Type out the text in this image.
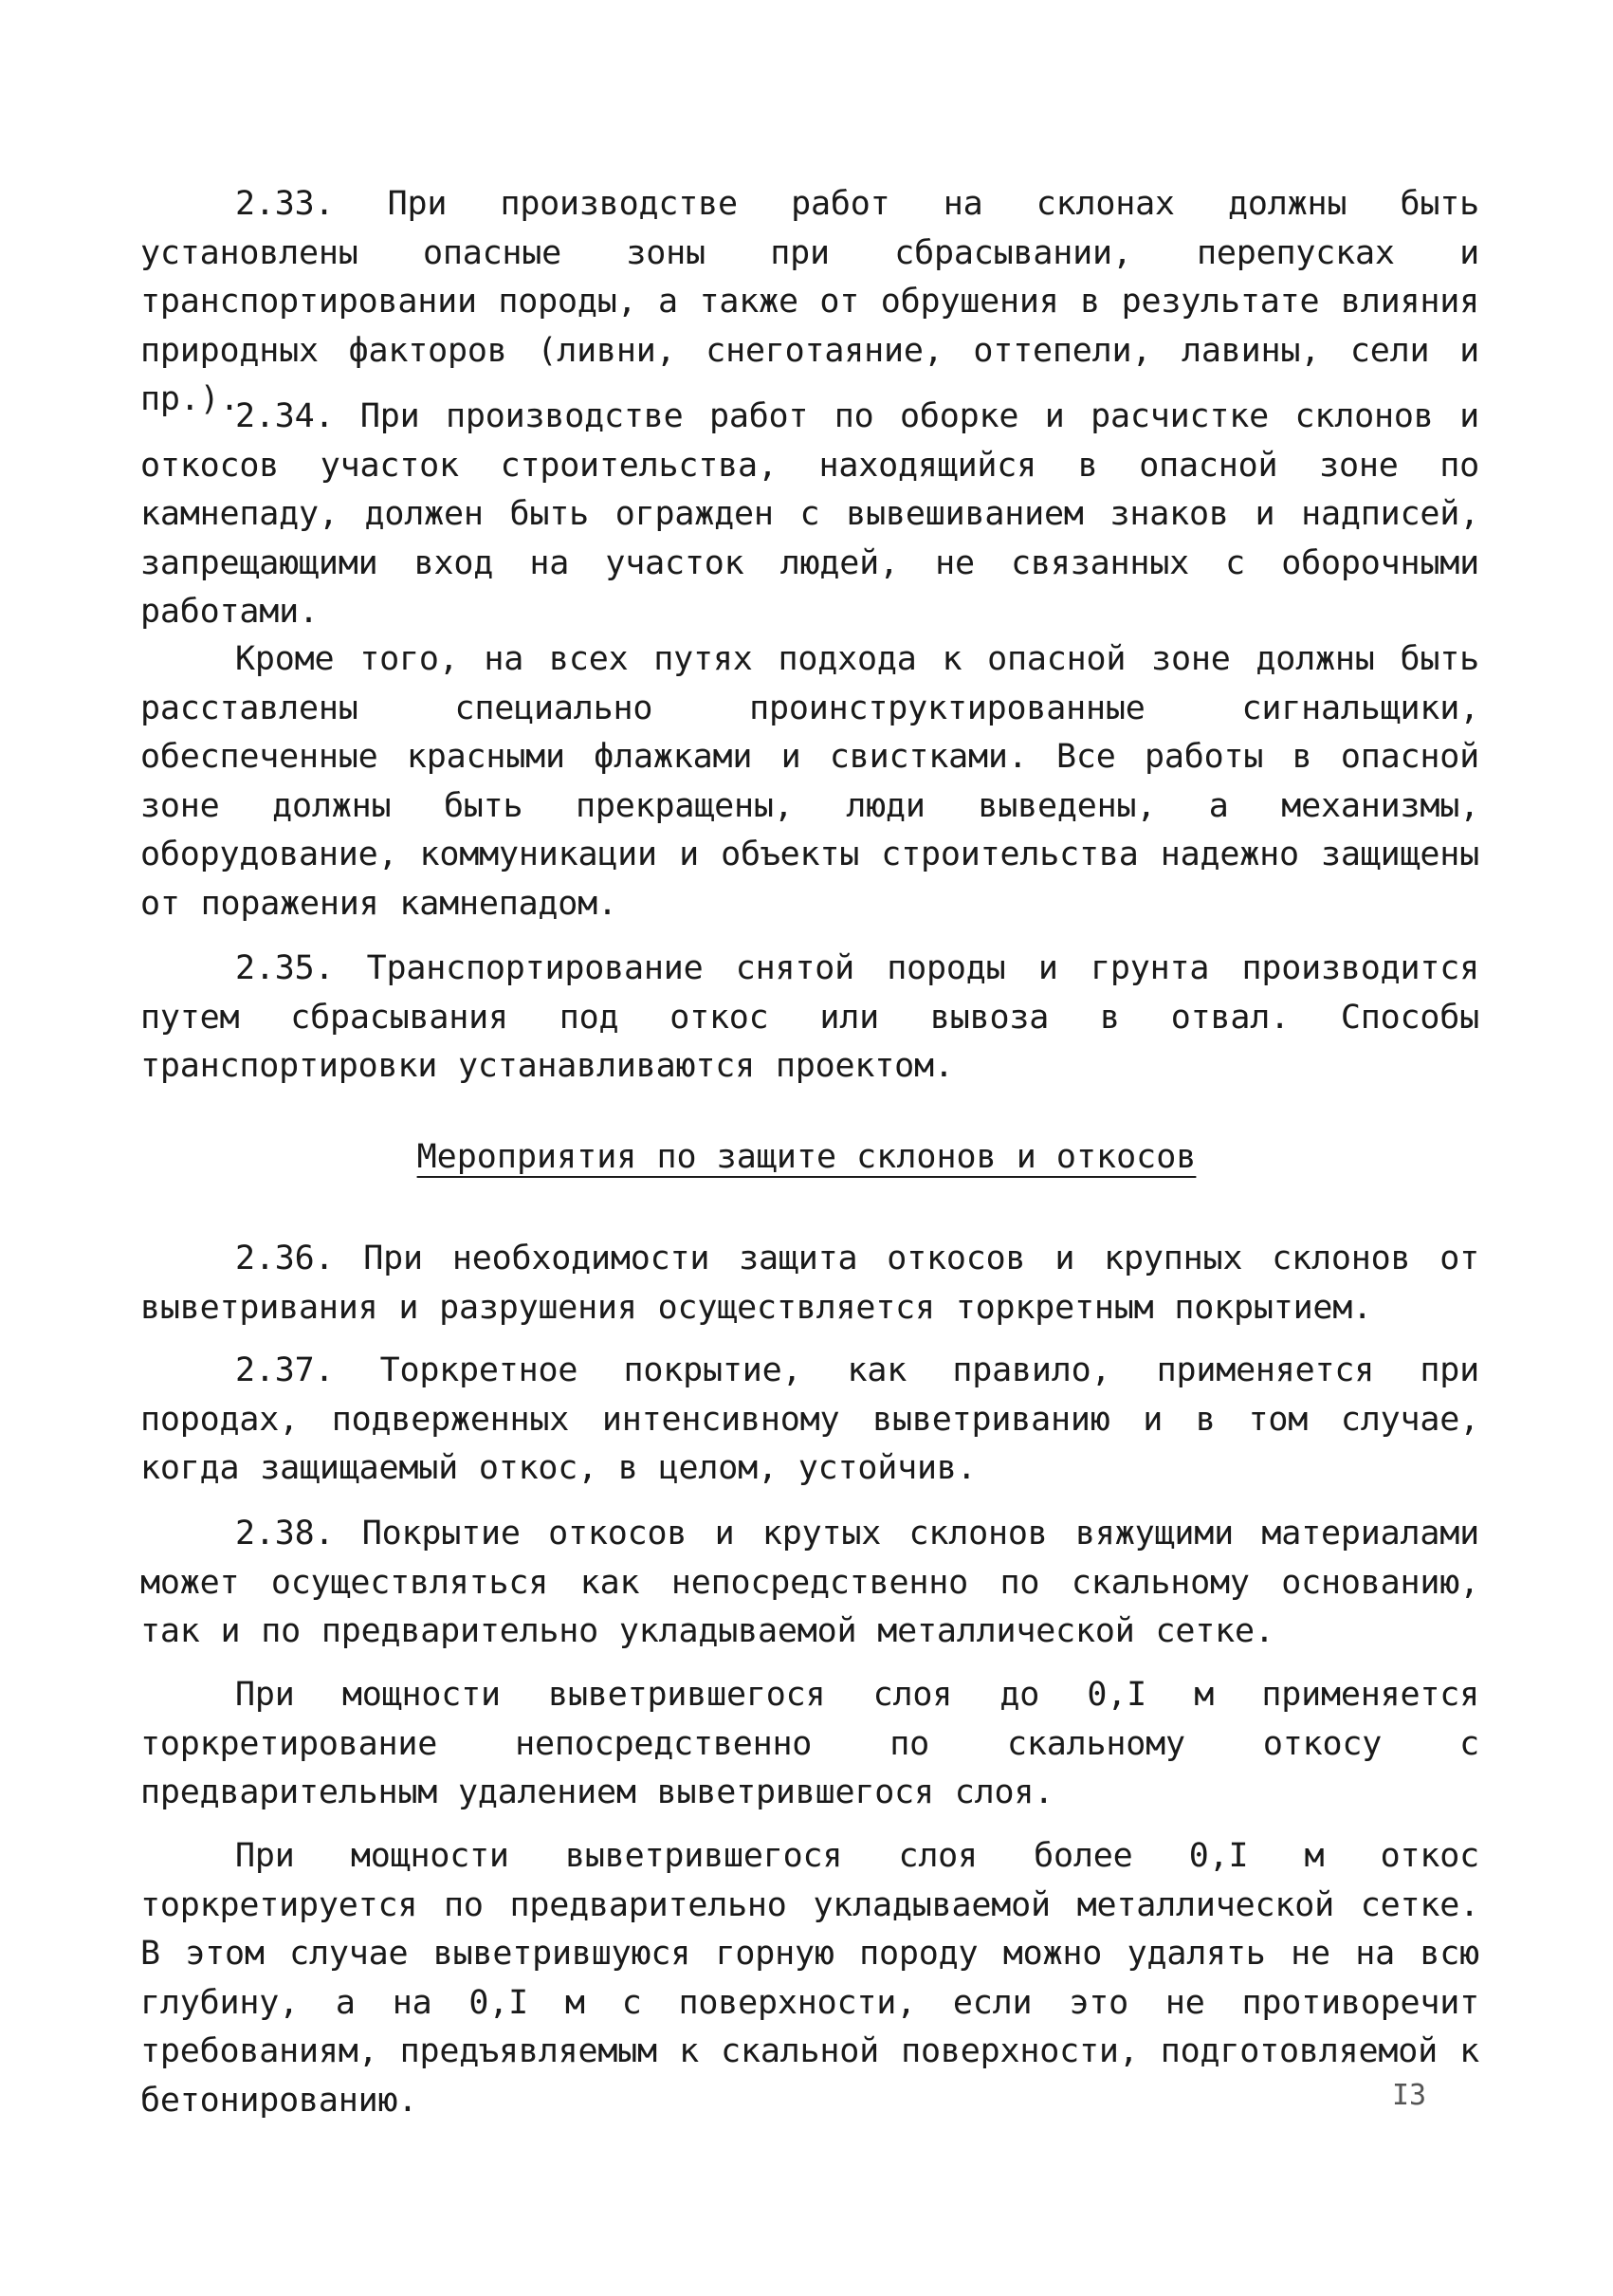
2.33. При производстве работ на склонах должны быть установлены опасные зоны при сбрасывании, перепусках и транспортировании породы, а также от обрушения в результате влияния природных факторов (ливни, снеготаяние, оттепели, лавины, сели и пр.).

2.34. При производстве работ по оборке и расчистке склонов и откосов участок строительства, находящийся в опасной зоне по камнепаду, должен быть огражден с вывешиванием знаков и надписей, запрещающими вход на участок людей, не связанных с оборочными работами.

Кроме того, на всех путях подхода к опасной зоне должны быть расставлены специально проинструктированные сигнальщики, обеспеченные красными флажками и свистками. Все работы в опасной зоне должны быть прекращены, люди выведены, а механизмы, оборудование, коммуникации и объекты строительства надежно защищены от поражения камнепадом.

2.35. Транспортирование снятой породы и грунта производится путем сбрасывания под откос или вывоза в отвал. Способы транспортировки устанавливаются проектом.

Мероприятия по защите склонов и откосов

2.36. При необходимости защита откосов и крупных склонов от выветривания и разрушения осуществляется торкретным покрытием.

2.37. Торкретное покрытие, как правило, применяется при породах, подверженных интенсивному выветриванию и в том случае, когда защищаемый откос, в целом, устойчив.

2.38. Покрытие откосов и крутых склонов вяжущими материалами может осуществляться как непосредственно по скальному основанию, так и по предварительно укладываемой металлической сетке.

При мощности выветрившегося слоя до 0,I м применяется торкретирование непосредственно по скальному откосу с предварительным удалением выветрившегося слоя.

При мощности выветрившегося слоя более 0,I м откос торкретируется по предварительно укладываемой металлической сетке. В этом случае выветрившуюся горную породу можно удалять не на всю глубину, а на 0,I м с поверхности, если это не противоречит требованиям, предъявляемым к скальной поверхности, подготовляемой к бетонированию.	I3
